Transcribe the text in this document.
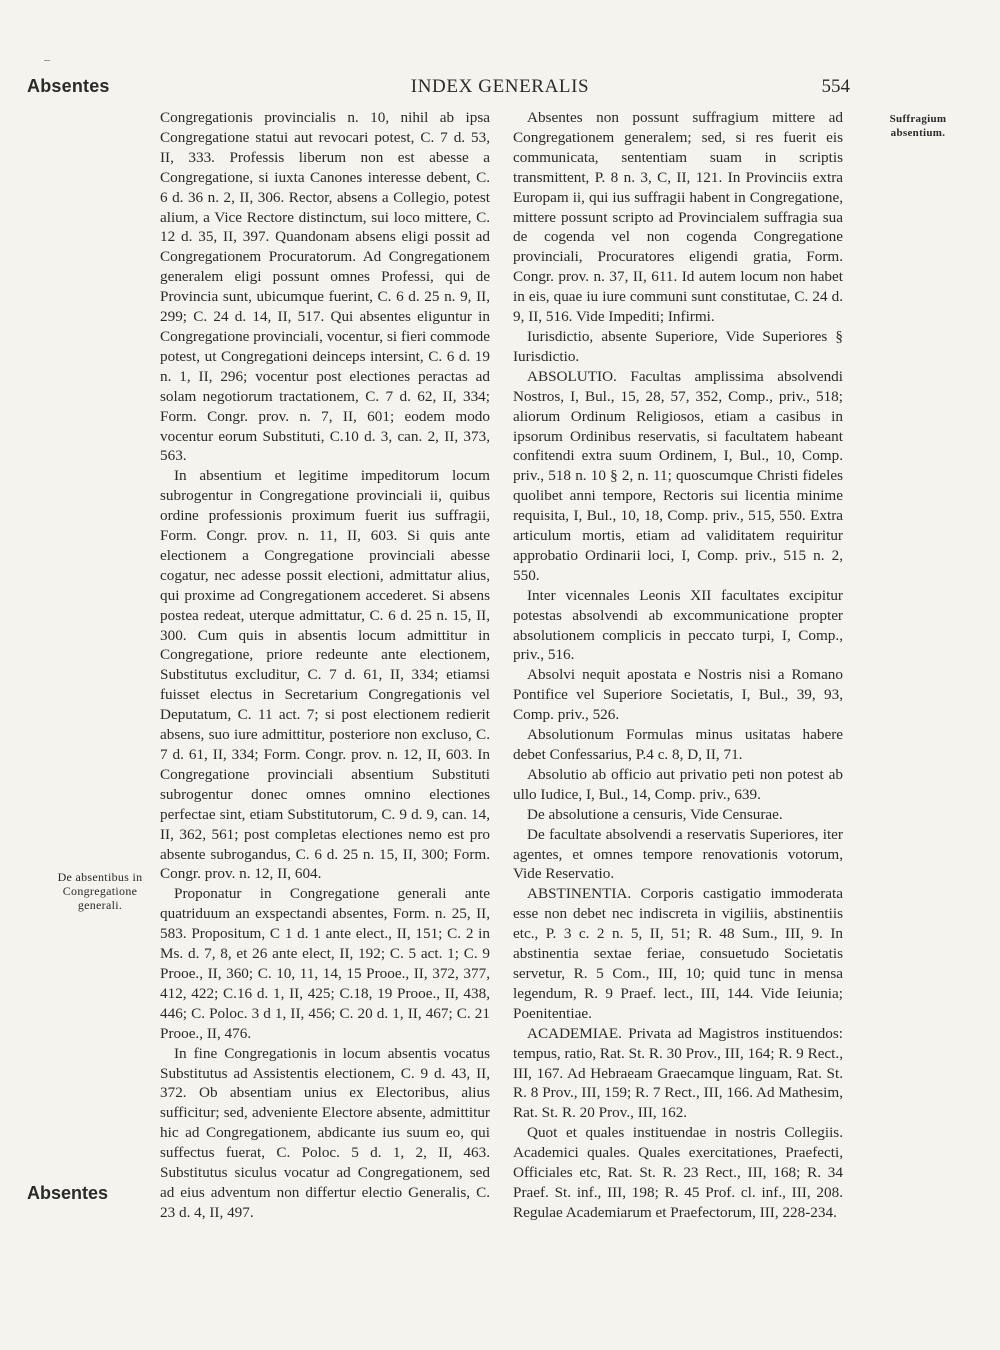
Absentes	INDEX GENERALIS	554

Congregationis provincialis n. 10, nihil ab ipsa Congregatione statui aut revocari potest, C. 7 d. 53, II, 333. Professis liberum non est abesse a Congregatione, si iuxta Canones interesse debent, C. 6 d. 36 n. 2, II, 306. Rector, absens a Collegio, potest alium, a Vice Rectore distinctum, sui loco mittere, C. 12 d. 35, II, 397. Quandonam absens eligi possit ad Congregationem Procuratorum. Ad Congregationem generalem eligi possunt omnes Professi, qui de Provincia sunt, ubicumque fuerint, C. 6 d. 25 n. 9, II, 299; C. 24 d. 14, II, 517. Qui absentes eliguntur in Congregatione provinciali, vocentur, si fieri commode potest, ut Congregationi deinceps intersint, C. 6 d. 19 n. 1, II, 296; vocentur post electiones peractas ad solam negotiorum tractationem, C. 7 d. 62, II, 334; Form. Congr. prov. n. 7, II, 601; eodem modo vocentur eorum Substituti, C.10 d. 3, can. 2, II, 373, 563.

In absentium et legitime impeditorum locum subrogentur in Congregatione provinciali ii, quibus ordine professionis proximum fuerit ius suffragii, Form. Congr. prov. n. 11, II, 603. Si quis ante electionem a Congregatione provinciali abesse cogatur, nec adesse possit electioni, admittatur alius, qui proxime ad Congregationem accederet. Si absens postea redeat, uterque admittatur, C. 6 d. 25 n. 15, II, 300. Cum quis in absentis locum admittitur in Congregatione, priore redeunte ante electionem, Substitutus excluditur, C. 7 d. 61, II, 334; etiamsi fuisset electus in Secretarium Congregationis vel Deputatum, C. 11 act. 7; si post electionem redierit absens, suo iure admittitur, posteriore non excluso, C. 7 d. 61, II, 334; Form. Congr. prov. n. 12, II, 603. In Congregatione provinciali absentium Substituti subrogentur donec omnes omnino electiones perfectae sint, etiam Substitutorum, C. 9 d. 9, can. 14, II, 362, 561; post completas electiones nemo est pro absente subrogandus, C. 6 d. 25 n. 15, II, 300; Form. Congr. prov. n. 12, II, 604.

Proponatur in Congregatione generali ante quatriduum an exspectandi absentes, Form. n. 25, II, 583. Propositum, C 1 d. 1 ante elect., II, 151; C. 2 in Ms. d. 7, 8, et 26 ante elect, II, 192; C. 5 act. 1; C. 9 Prooe., II, 360; C. 10, 11, 14, 15 Prooe., II, 372, 377, 412, 422; C.16 d. 1, II, 425; C.18, 19 Prooe., II, 438, 446; C. Poloc. 3 d 1, II, 456; C. 20 d. 1, II, 467; C. 21 Prooe., II, 476.

In fine Congregationis in locum absentis vocatus Substitutus ad Assistentis electionem, C. 9 d. 43, II, 372. Ob absentiam unius ex Electoribus, alius sufficitur; sed, adveniente Electore absente, admittitur hic ad Congregationem, abdicante ius suum eo, qui suffectus fuerat, C. Poloc. 5 d. 1, 2, II, 463. Substitutus siculus vocatur ad Congregationem, sed ad eius adventum non differtur electio Generalis, C. 23 d. 4, II, 497.

Absentes non possunt suffragium mittere ad Congregationem generalem; sed, si res fuerit eis communicata, sententiam suam in scriptis transmittent, P. 8 n. 3, C, II, 121. In Provinciis extra Europam ii, qui ius suffragii habent in Congregatione, mittere possunt scripto ad Provincialem suffragia sua de cogenda vel non cogenda Congregatione provinciali, Procuratores eligendi gratia, Form. Congr. prov. n. 37, II, 611. Id autem locum non habet in eis, quae iu iure communi sunt constitutae, C. 24 d. 9, II, 516. Vide Impediti; Infirmi.

Iurisdictio, absente Superiore, Vide Superiores § Iurisdictio.

ABSOLUTIO. Facultas amplissima absolvendi Nostros, I, Bul., 15, 28, 57, 352, Comp., priv., 518; aliorum Ordinum Religiosos, etiam a casibus in ipsorum Ordinibus reservatis, si facultatem habeant confitendi extra suum Ordinem, I, Bul., 10, Comp. priv., 518 n. 10 § 2, n. 11; quoscumque Christi fideles quolibet anni tempore, Rectoris sui licentia minime requisita, I, Bul., 10, 18, Comp. priv., 515, 550. Extra articulum mortis, etiam ad validitatem requiritur approbatio Ordinarii loci, I, Comp. priv., 515 n. 2, 550.

Inter vicennales Leonis XII facultates excipitur potestas absolvendi ab excommunicatione propter absolutionem complicis in peccato turpi, I, Comp., priv., 516.

Absolvi nequit apostata e Nostris nisi a Romano Pontifice vel Superiore Societatis, I, Bul., 39, 93, Comp. priv., 526.

Absolutionum Formulas minus usitatas habere debet Confessarius, P.4 c. 8, D, II, 71.

Absolutio ab officio aut privatio peti non potest ab ullo Iudice, I, Bul., 14, Comp. priv., 639.

De absolutione a censuris, Vide Censurae.

De facultate absolvendi a reservatis Superiores, iter agentes, et omnes tempore renovationis votorum, Vide Reservatio.

ABSTINENTIA. Corporis castigatio immoderata esse non debet nec indiscreta in vigiliis, abstinentiis etc., P. 3 c. 2 n. 5, II, 51; R. 48 Sum., III, 9. In abstinentia sextae feriae, consuetudo Societatis servetur, R. 5 Com., III, 10; quid tunc in mensa legendum, R. 9 Praef. lect., III, 144. Vide Ieiunia; Poenitentiae.

ACADEMIAE. Privata ad Magistros instituendos: tempus, ratio, Rat. St. R. 30 Prov., III, 164; R. 9 Rect., III, 167. Ad Hebraeam Graecamque linguam, Rat. St. R. 8 Prov., III, 159; R. 7 Rect., III, 166. Ad Mathesim, Rat. St. R. 20 Prov., III, 162.

Quot et quales instituendae in nostris Collegiis. Academici quales. Quales exercitationes, Praefecti, Officiales etc, Rat. St. R. 23 Rect., III, 168; R. 34 Praef. St. inf., III, 198; R. 45 Prof. cl. inf., III, 208. Regulae Academiarum et Praefectorum, III, 228-234.

De absentibus in Congregatione generali.
Suffragium absentium.
Absentes
